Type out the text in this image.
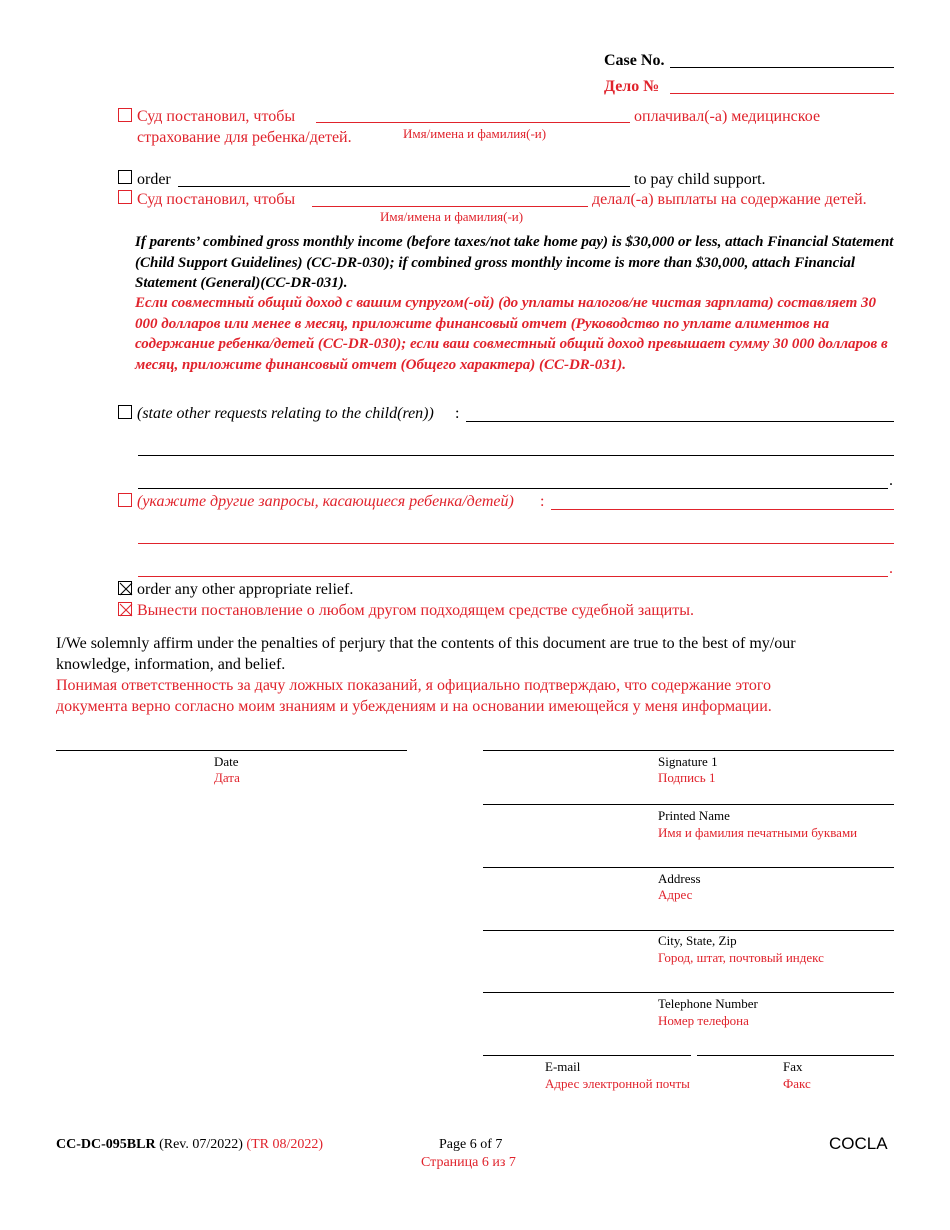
Case No.
Дело №
Суд постановил, чтобы	оплачивал(-а) медицинское
страхование для ребенка/детей.	Имя/имена и фамилия(-и)
order	to pay child support.
Суд постановил, чтобы	делал(-а) выплаты на содержание детей.
Имя/имена и фамилия(-и)
If parents’ combined gross monthly income (before taxes/not take home pay) is $30,000 or less, attach Financial Statement (Child Support Guidelines) (CC-DR-030); if combined gross monthly income is more than $30,000, attach Financial Statement (General)(CC-DR-031).
Если совместный общий доход с вашим супругом(-ой) (до уплаты налогов/не чистая зарплата) составляет 30 000 долларов или менее в месяц, приложите финансовый отчет (Руководство по уплате алиментов на содержание ребенка/детей (CC-DR-030); если ваш совместный общий доход превышает сумму 30 000 долларов в месяц, приложите финансовый отчет (Общего характера) (CC-DR-031).
(state other requests relating to the child(ren)) :
.
(укажите другие запросы, касающиеся ребенка/детей) :
.
order any other appropriate relief.
Вынести постановление о любом другом подходящем средстве судебной защиты.
I/We solemnly affirm under the penalties of perjury that the contents of this document are true to the best of my/our
knowledge, information, and belief.
Понимая ответственность за дачу ложных показаний, я официально подтверждаю, что содержание этого
документа верно согласно моим знаниям и убеждениям и на основании имеющейся у меня информации.
Date
Дата
Signature 1
Подпись 1
Printed Name
Имя и фамилия печатными буквами
Address
Адрес
City, State, Zip
Город, штат, почтовый индекс
Telephone Number
Номер телефона
E-mail
Адрес электронной почты
Fax
Факс
CC-DC-095BLR (Rev. 07/2022) (TR 08/2022)	Page 6 of 7
Страница 6 из 7
COCLA
